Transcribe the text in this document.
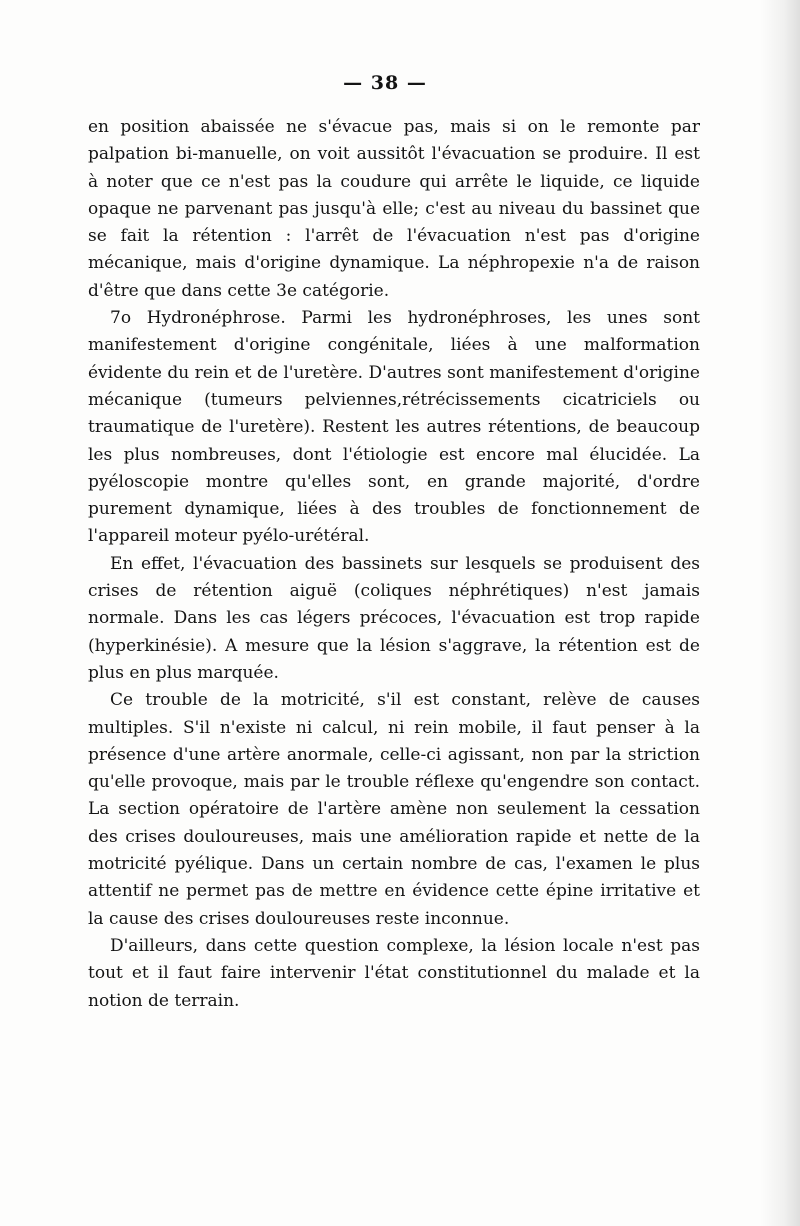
— 38 —

en position abaissée ne s'évacue pas, mais si on le remonte par palpation bi-manuelle, on voit aussitôt l'évacuation se produire. Il est à noter que ce n'est pas la coudure qui arrête le liquide, ce liquide opaque ne parvenant pas jusqu'à elle; c'est au niveau du bassinet que se fait la rétention : l'arrêt de l'évacuation n'est pas d'origine mécanique, mais d'origine dynamique. La néphropexie n'a de raison d'être que dans cette 3e catégorie.

7o Hydronéphrose. Parmi les hydronéphroses, les unes sont manifestement d'origine congénitale, liées à une malformation évidente du rein et de l'uretère. D'autres sont manifestement d'origine mécanique (tumeurs pelviennes,rétrécissements cicatriciels ou traumatique de l'uretère). Restent les autres rétentions, de beaucoup les plus nombreuses, dont l'étiologie est encore mal élucidée. La pyéloscopie montre qu'elles sont, en grande majorité, d'ordre purement dynamique, liées à des troubles de fonctionnement de l'appareil moteur pyélo-urétéral.

En effet, l'évacuation des bassinets sur lesquels se produisent des crises de rétention aiguë (coliques néphrétiques) n'est jamais normale. Dans les cas légers précoces, l'évacuation est trop rapide (hyperkinésie). A mesure que la lésion s'aggrave, la rétention est de plus en plus marquée.

Ce trouble de la motricité, s'il est constant, relève de causes multiples. S'il n'existe ni calcul, ni rein mobile, il faut penser à la présence d'une artère anormale, celle-ci agissant, non par la striction qu'elle provoque, mais par le trouble réflexe qu'engendre son contact. La section opératoire de l'artère amène non seulement la cessation des crises douloureuses, mais une amélioration rapide et nette de la motricité pyélique. Dans un certain nombre de cas, l'examen le plus attentif ne permet pas de mettre en évidence cette épine irritative et la cause des crises douloureuses reste inconnue.

D'ailleurs, dans cette question complexe, la lésion locale n'est pas tout et il faut faire intervenir l'état constitutionnel du malade et la notion de terrain.
